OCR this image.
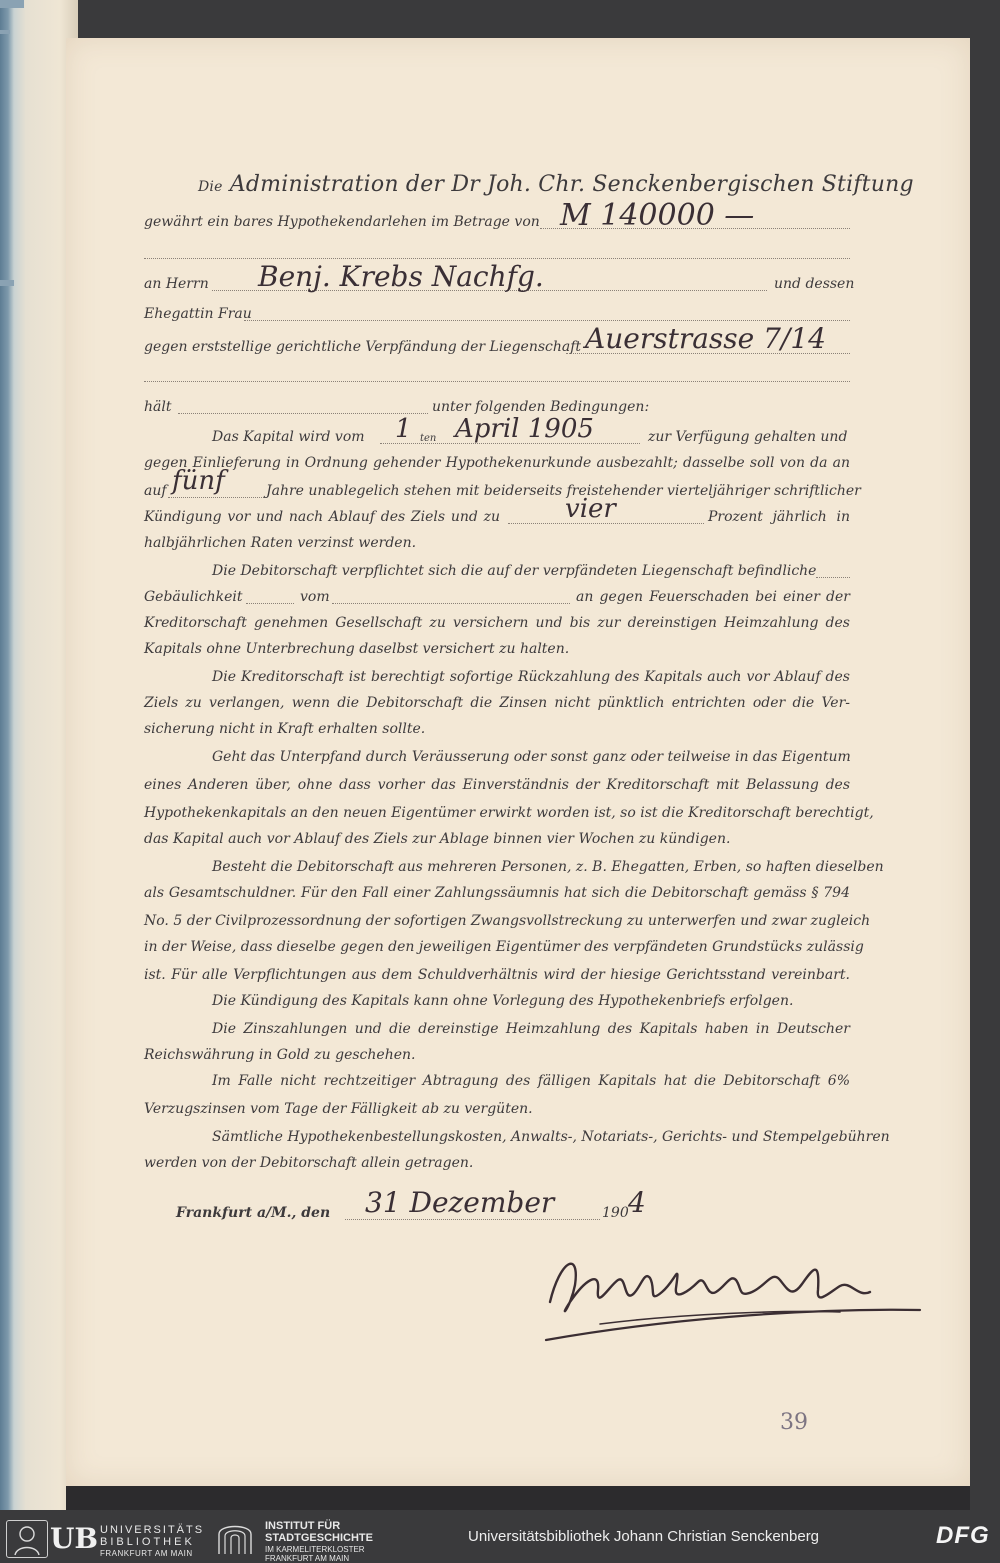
Die Administration der Dr Joh. Chr. Senckenbergischen Stiftung
gewährt ein bares Hypothekendarlehen im Betrage von M 140000 —
an Herrn	und dessen
Benj. Krebs Nachfg.
Ehegattin Frau
gegen erststellige gerichtliche Verpfändung der Liegenschaft Auerstrasse 7/14
hält	unter folgenden Bedingungen:
Das Kapital wird vom	1 ten April 1905	zur Verfügung gehalten und
gegen Einlieferung in Ordnung gehender Hypothekenurkunde ausbezahlt; dasselbe soll von da an
auf fünf	Jahre unablegelich stehen mit beiderseits freistehender vierteljähriger schriftlicher
Kündigung vor und nach Ablauf des Ziels und zu	vier	Prozent jährlich in
halbjährlichen Raten verzinst werden.
Die Debitorschaft verpflichtet sich die auf der verpfändeten Liegenschaft befindliche
Gebäulichkeit	vom	an gegen Feuerschaden bei einer der
Kreditorschaft genehmen Gesellschaft zu versichern und bis zur dereinstigen Heimzahlung des
Kapitals ohne Unterbrechung daselbst versichert zu halten.
Die Kreditorschaft ist berechtigt sofortige Rückzahlung des Kapitals auch vor Ablauf des
Ziels zu verlangen, wenn die Debitorschaft die Zinsen nicht pünktlich entrichten oder die Ver-
sicherung nicht in Kraft erhalten sollte.
Geht das Unterpfand durch Veräusserung oder sonst ganz oder teilweise in das Eigentum
eines Anderen über, ohne dass vorher das Einverständnis der Kreditorschaft mit Belassung des
Hypothekenkapitals an den neuen Eigentümer erwirkt worden ist, so ist die Kreditorschaft berechtigt,
das Kapital auch vor Ablauf des Ziels zur Ablage binnen vier Wochen zu kündigen.
Besteht die Debitorschaft aus mehreren Personen, z. B. Ehegatten, Erben, so haften dieselben
als Gesamtschuldner. Für den Fall einer Zahlungssäumnis hat sich die Debitorschaft gemäss § 794
No. 5 der Civilprozessordnung der sofortigen Zwangsvollstreckung zu unterwerfen und zwar zugleich
in der Weise, dass dieselbe gegen den jeweiligen Eigentümer des verpfändeten Grundstücks zulässig
ist. Für alle Verpflichtungen aus dem Schuldverhältnis wird der hiesige Gerichtsstand vereinbart.
Die Kündigung des Kapitals kann ohne Vorlegung des Hypothekenbriefs erfolgen.
Die Zinszahlungen und die dereinstige Heimzahlung des Kapitals haben in Deutscher
Reichswährung in Gold zu geschehen.
Im Falle nicht rechtzeitiger Abtragung des fälligen Kapitals hat die Debitorschaft 6%
Verzugszinsen vom Tage der Fälligkeit ab zu vergüten.
Sämtliche Hypothekenbestellungskosten, Anwalts-, Notariats-, Gerichts- und Stempelgebühren
werden von der Debitorschaft allein getragen.
Frankfurt a/M., den	31 Dezember	190 4
39
UB UNIVERSITÄTS
BIBLIOTHEK
FRANKFURT AM MAIN
INSTITUT FÜR
STADTGESCHICHTE
IM KARMELITERKLOSTER
FRANKFURT AM MAIN
Universitätsbibliothek Johann Christian Senckenberg	DFG
